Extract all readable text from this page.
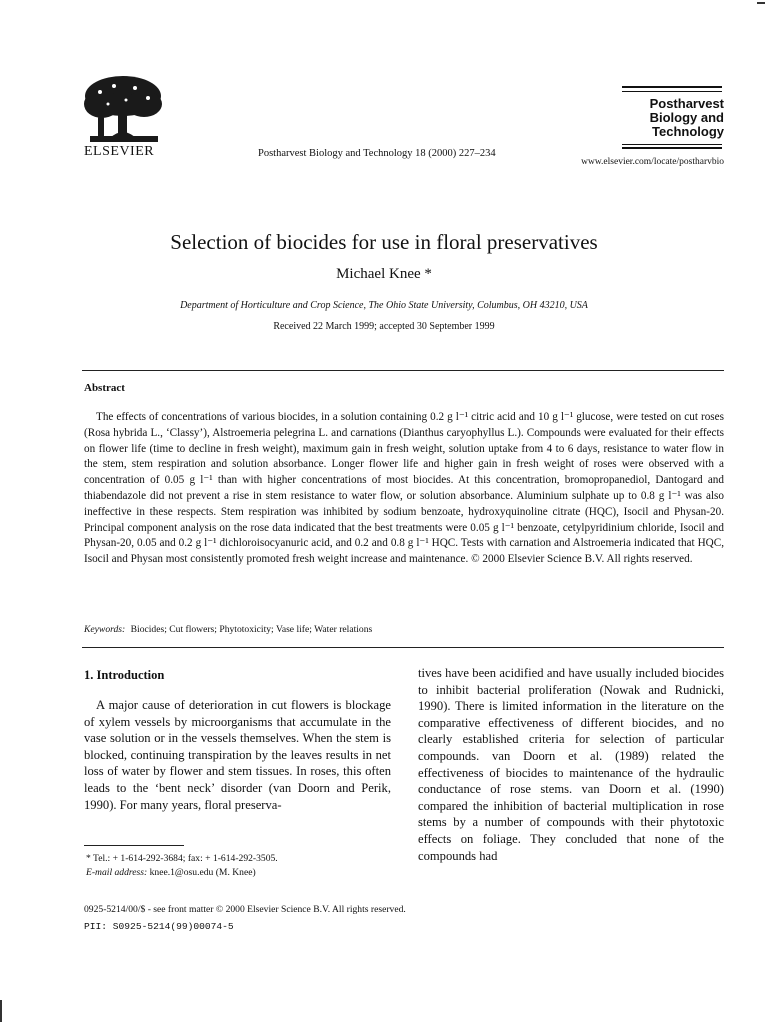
ELSEVIER	Postharvest Biology and Technology 18 (2000) 227–234
Postharvest
Biology and
Technology
www.elsevier.com/locate/postharvbio
Selection of biocides for use in floral preservatives
Michael Knee *
Department of Horticulture and Crop Science, The Ohio State University, Columbus, OH 43210, USA
Received 22 March 1999; accepted 30 September 1999
Abstract

The effects of concentrations of various biocides, in a solution containing 0.2 g l⁻¹ citric acid and 10 g l⁻¹ glucose, were tested on cut roses (Rosa hybrida L., ‘Classy’), Alstroemeria pelegrina L. and carnations (Dianthus caryophyllus L.). Compounds were evaluated for their effects on flower life (time to decline in fresh weight), maximum gain in fresh weight, solution uptake from 4 to 6 days, resistance to water flow in the stem, stem respiration and solution absorbance. Longer flower life and higher gain in fresh weight of roses were observed with a concentration of 0.05 g l⁻¹ than with higher concentrations of most biocides. At this concentration, bromopropanediol, Dantogard and thiabendazole did not prevent a rise in stem resistance to water flow, or solution absorbance. Aluminium sulphate up to 0.8 g l⁻¹ was also ineffective in these respects. Stem respiration was inhibited by sodium benzoate, hydroxyquinoline citrate (HQC), Isocil and Physan-20. Principal component analysis on the rose data indicated that the best treatments were 0.05 g l⁻¹ benzoate, cetylpyridinium chloride, Isocil and Physan-20, 0.05 and 0.2 g l⁻¹ dichloroisocyanuric acid, and 0.2 and 0.8 g l⁻¹ HQC. Tests with carnation and Alstroemeria indicated that HQC, Isocil and Physan most consistently promoted fresh weight increase and maintenance. © 2000 Elsevier Science B.V. All rights reserved.

Keywords: Biocides; Cut flowers; Phytotoxicity; Vase life; Water relations
1. Introduction

A major cause of deterioration in cut flowers is blockage of xylem vessels by microorganisms that accumulate in the vase solution or in the vessels themselves. When the stem is blocked, continuing transpiration by the leaves results in net loss of water by flower and stem tissues. In roses, this often leads to the ‘bent neck’ disorder (van Doorn and Perik, 1990). For many years, floral preserva-

tives have been acidified and have usually included biocides to inhibit bacterial proliferation (Nowak and Rudnicki, 1990). There is limited information in the literature on the comparative effectiveness of different biocides, and no clearly established criteria for selection of particular compounds. van Doorn et al. (1989) related the effectiveness of biocides to maintenance of the hydraulic conductance of rose stems. van Doorn et al. (1990) compared the inhibition of bacterial multiplication in rose stems by a number of compounds with their phytotoxic effects on foliage. They concluded that none of the compounds had

* Tel.: + 1-614-292-3684; fax: + 1-614-292-3505.
E-mail address: knee.1@osu.edu (M. Knee)
0925-5214/00/$ - see front matter © 2000 Elsevier Science B.V. All rights reserved.
PII: S0925-5214(99)00074-5
